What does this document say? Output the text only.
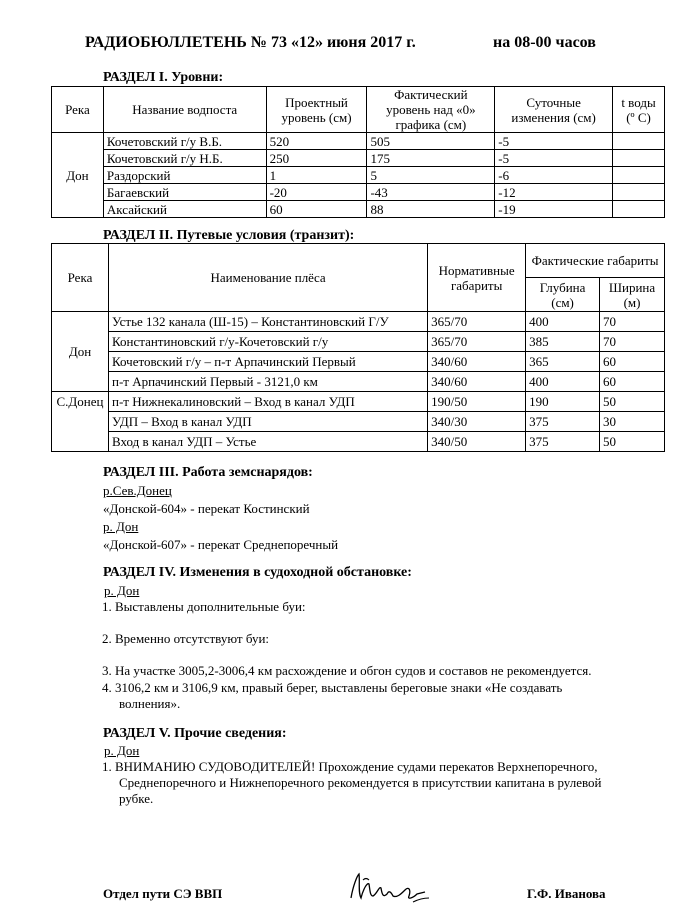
РАДИОБЮЛЛЕТЕНЬ № 73 «12» июня 2017 г.	на 08-00 часов
РАЗДЕЛ I. Уровни:
Река	Название водпоста	Проектный уровень (см)	Фактический уровень над «0» графика (см)	Суточные изменения (см)	t воды (º С)
Дон	Кочетовский г/у В.Б.	520	505	-5	
	Кочетовский г/у Н.Б.	250	175	-5	
	Раздорский	1	5	-6	
	Багаевский	-20	-43	-12	
	Аксайский	60	88	-19	
РАЗДЕЛ II. Путевые условия (транзит):
Река	Наименование плёса	Нормативные габариты	Фактические габариты	
			Глубина (см)	Ширина (м)
Дон	Устье 132 канала (Ш-15) – Константиновский Г/У	365/70	400	70
	Константиновский г/у-Кочетовский г/у	365/70	385	70
	Кочетовский г/у – п-т Арпачинский Первый	340/60	365	60
	п-т Арпачинский Первый - 3121,0 км	340/60	400	60
С.Донец	п-т Нижнекалиновский – Вход в канал УДП	190/50	190	50
	УДП – Вход в канал УДП	340/30	375	30
	Вход в канал УДП – Устье	340/50	375	50
РАЗДЕЛ III. Работа земснарядов:
р.Сев.Донец
«Донской-604» - перекат Костинский
р. Дон
«Донской-607» - перекат Среднепоречный
РАЗДЕЛ IV. Изменения в судоходной обстановке:
р. Дон
1. Выставлены дополнительные буи:
2. Временно отсутствуют буи:
3. На участке 3005,2-3006,4 км расхождение и обгон судов и составов не рекомендуется.
4. 3106,2 км и 3106,9 км, правый берег, выставлены береговые знаки «Не создавать
волнения».
РАЗДЕЛ V. Прочие сведения:
р. Дон
1. ВНИМАНИЮ СУДОВОДИТЕЛЕЙ! Прохождение судами перекатов Верхнепоречного,
Среднепоречного и Нижнепоречного рекомендуется в присутствии капитана в рулевой
рубке.
Отдел пути СЭ ВВП	Г.Ф. Иванова
